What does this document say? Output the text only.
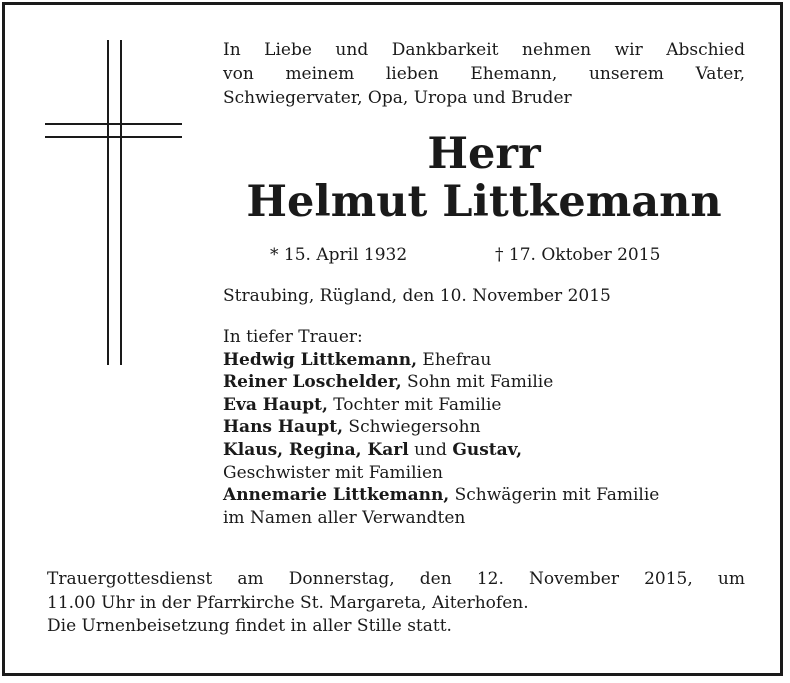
In Liebe und Dankbarkeit nehmen wir Abschied
von meinem lieben Ehemann, unserem Vater,
Schwiegervater, Opa, Uropa und Bruder
Herr
Helmut Littkemann
* 15. April 1932	† 17. Oktober 2015
Straubing, Rügland, den 10. November 2015
In tiefer Trauer:
Hedwig Littkemann, Ehefrau
Reiner Loschelder, Sohn mit Familie
Eva Haupt, Tochter mit Familie
Hans Haupt, Schwiegersohn
Klaus, Regina, Karl und Gustav,
Geschwister mit Familien
Annemarie Littkemann, Schwägerin mit Familie
im Namen aller Verwandten
Trauergottesdienst am Donnerstag, den 12. November 2015, um
11.00 Uhr in der Pfarrkirche St. Margareta, Aiterhofen.
Die Urnenbeisetzung findet in aller Stille statt.
